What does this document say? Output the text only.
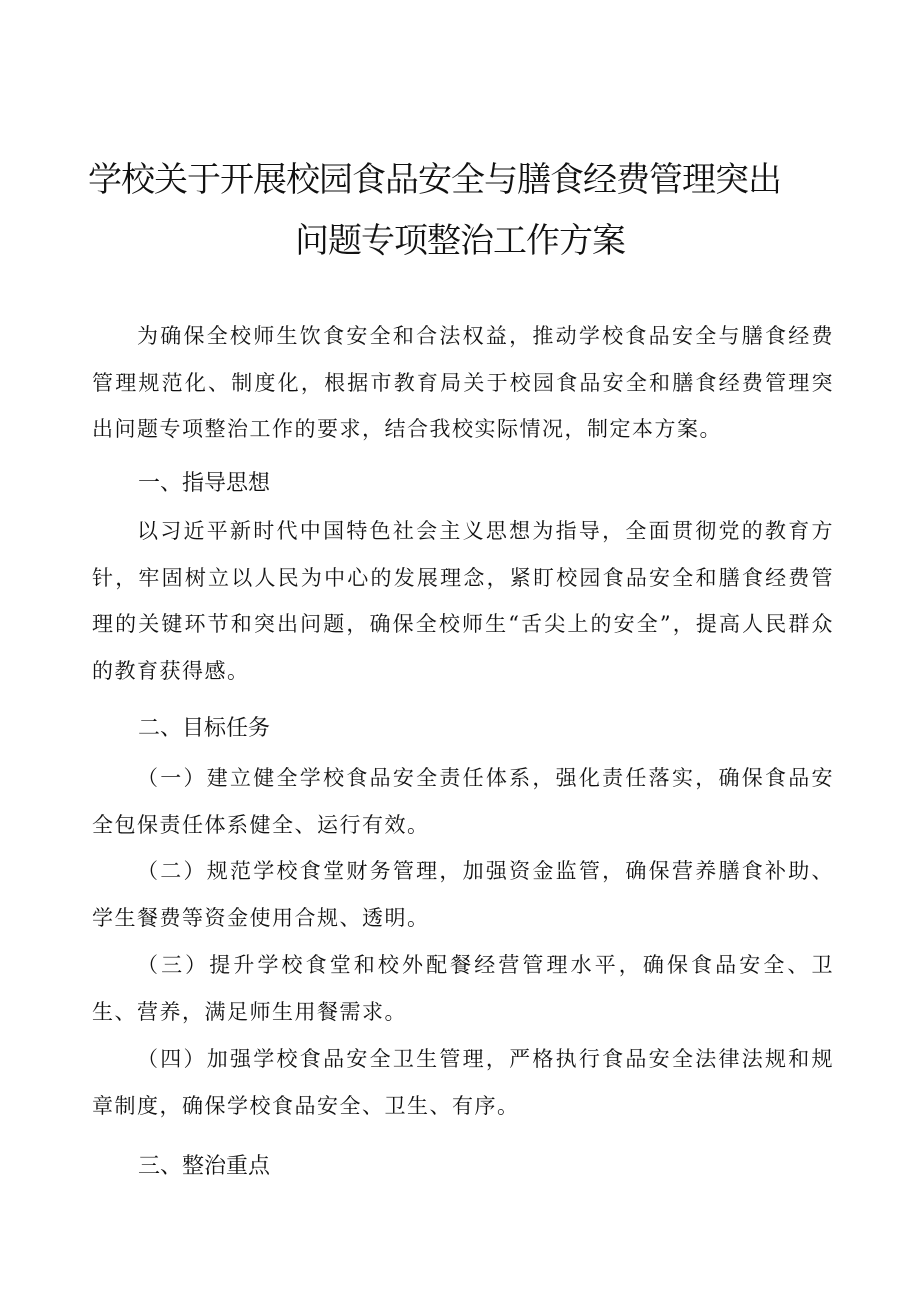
学校关于开展校园食品安全与膳食经费管理突出
问题专项整治工作方案

为确保全校师生饮食安全和合法权益，推动学校食品安全与膳食经费管理规范化、制度化，根据市教育局关于校园食品安全和膳食经费管理突出问题专项整治工作的要求，结合我校实际情况，制定本方案。

一、指导思想

以习近平新时代中国特色社会主义思想为指导，全面贯彻党的教育方针，牢固树立以人民为中心的发展理念，紧盯校园食品安全和膳食经费管理的关键环节和突出问题，确保全校师生“舌尖上的安全”，提高人民群众的教育获得感。

二、目标任务

（一）建立健全学校食品安全责任体系，强化责任落实，确保食品安全包保责任体系健全、运行有效。

（二）规范学校食堂财务管理，加强资金监管，确保营养膳食补助、学生餐费等资金使用合规、透明。

（三）提升学校食堂和校外配餐经营管理水平，确保食品安全、卫生、营养，满足师生用餐需求。

（四）加强学校食品安全卫生管理，严格执行食品安全法律法规和规章制度，确保学校食品安全、卫生、有序。

三、整治重点
